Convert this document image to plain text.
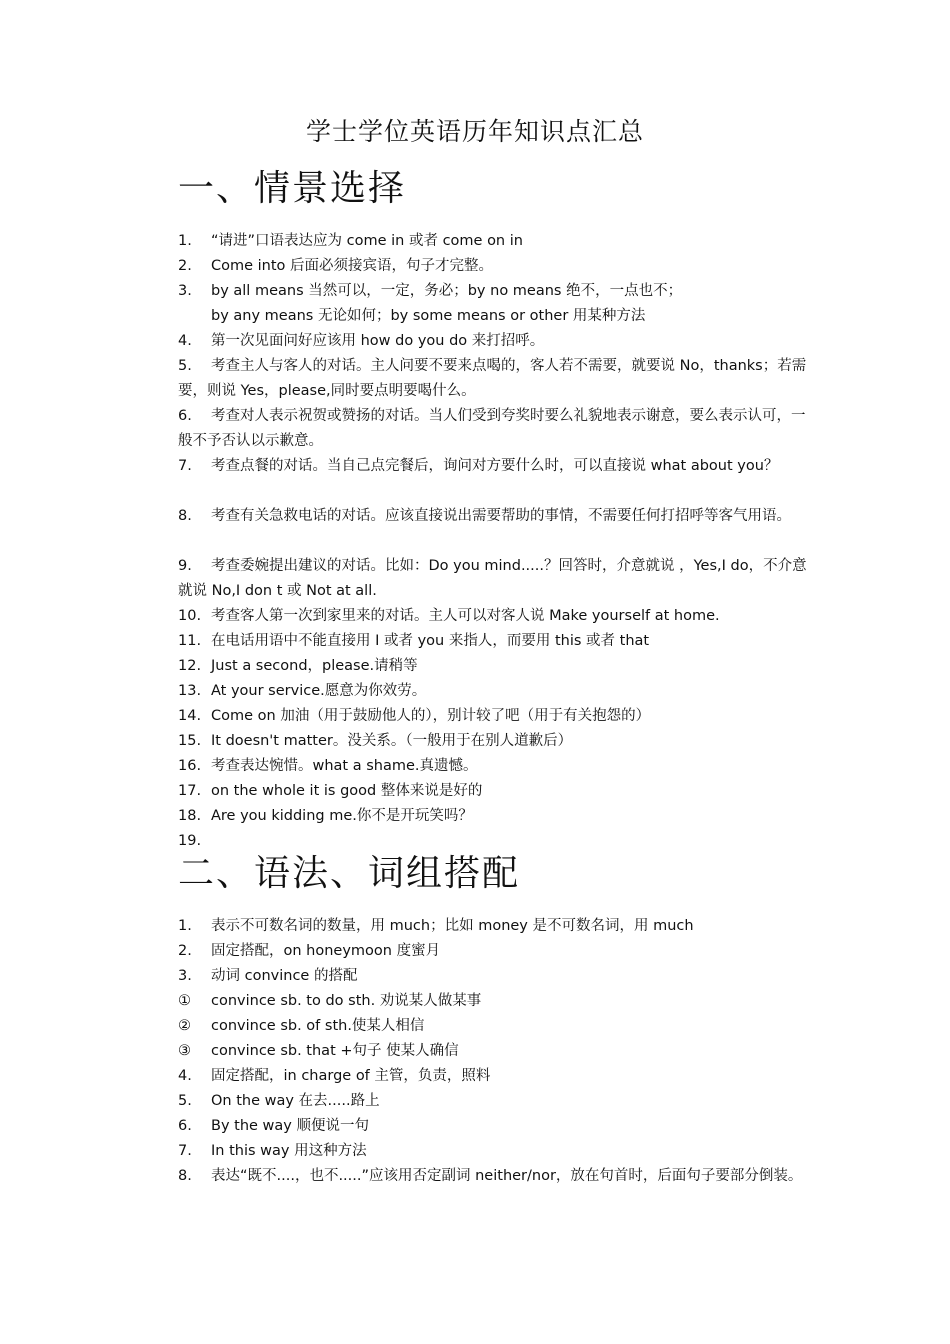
学士学位英语历年知识点汇总
一、情景选择
1.	“请进”口语表达应为 come in 或者 come on in
2.	Come into 后面必须接宾语，句子才完整。
3.	by all means 当然可以，一定，务必；by no means 绝不，一点也不；
by any means 无论如何；by some means or other 用某种方法
4.	第一次见面问好应该用 how do you do 来打招呼。
5. 考查主人与客人的对话。主人问要不要来点喝的，客人若不需要，就要说 No，thanks；若需要，则说 Yes，please,同时要点明要喝什么。
6. 考查对人表示祝贺或赞扬的对话。当人们受到夸奖时要么礼貌地表示谢意，要么表示认可，一般不予否认以示歉意。
7. 考查点餐的对话。当自己点完餐后，询问对方要什么时，可以直接说 what about you？
8. 考查有关急救电话的对话。应该直接说出需要帮助的事情，不需要任何打招呼等客气用语。
9. 考查委婉提出建议的对话。比如：Do you mind.....？回答时，介意就说 ，Yes,I do，不介意就说 No,I don t 或 Not at all.
10. 考查客人第一次到家里来的对话。主人可以对客人说 Make yourself at home.
11. 在电话用语中不能直接用 I 或者 you 来指人，而要用 this 或者 that
12. Just a second，please.请稍等
13. At your service.愿意为你效劳。
14. Come on 加油（用于鼓励他人的），别计较了吧（用于有关抱怨的）
15. It doesn't matter。没关系。（一般用于在别人道歉后）
16. 考查表达惋惜。what a shame.真遗憾。
17. on the whole it is good 整体来说是好的
18. Are you kidding me.你不是开玩笑吗？
19.
二、语法、词组搭配
1.	表示不可数名词的数量，用 much；比如 money 是不可数名词，用 much
2.	固定搭配，on honeymoon 度蜜月
3.	动词 convince 的搭配
①	convince sb. to do sth. 劝说某人做某事
②	convince sb. of sth.使某人相信
③	convince sb. that +句子 使某人确信
4.	固定搭配，in charge of 主管，负责，照料
5.	On the way 在去.....路上
6.	By the way 顺便说一句
7.	In this way 用这种方法
8. 表达“既不....，也不.....”应该用否定副词 neither/nor，放在句首时，后面句子要部分倒装。
